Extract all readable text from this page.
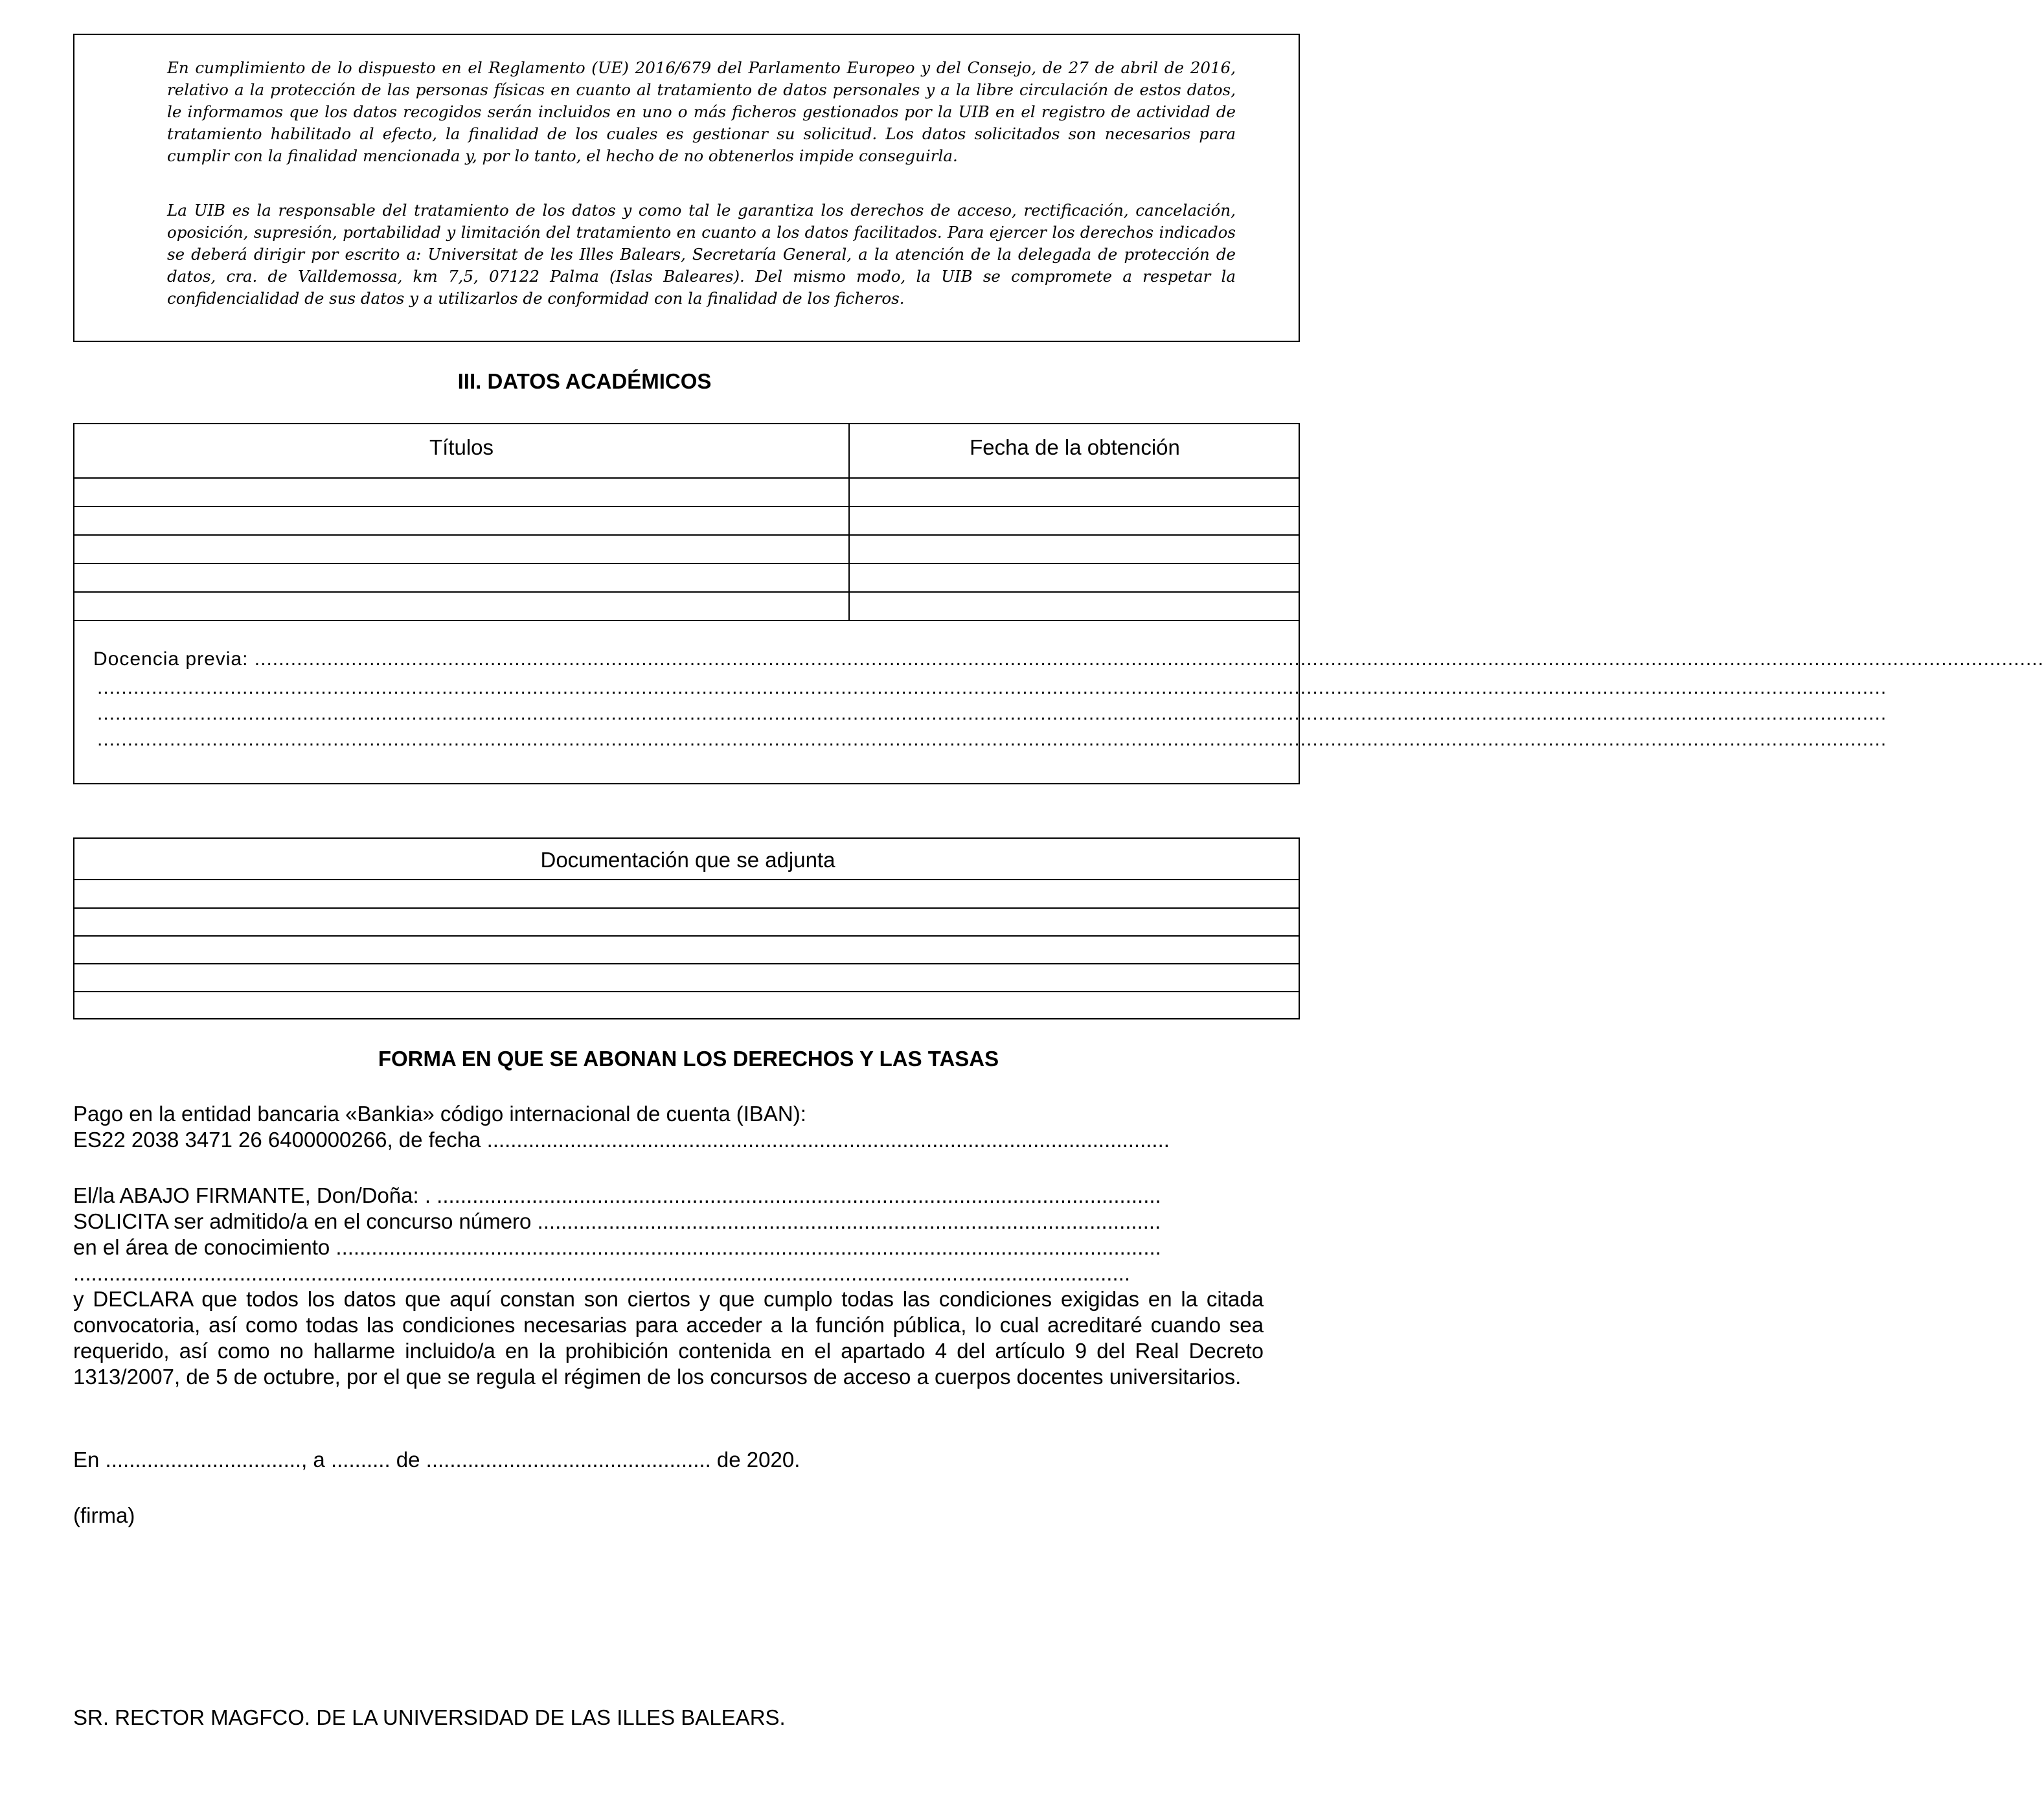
En cumplimiento de lo dispuesto en el Reglamento (UE) 2016/679 del Parlamento Europeo y del Consejo, de 27 de abril de 2016, relativo a la protección de las personas físicas en cuanto al tratamiento de datos personales y a la libre circulación de estos datos, le informamos que los datos recogidos serán incluidos en uno o más ficheros gestionados por la UIB en el registro de actividad de tratamiento habilitado al efecto, la finalidad de los cuales es gestionar su solicitud. Los datos solicitados son necesarios para cumplir con la finalidad mencionada y, por lo tanto, el hecho de no obtenerlos impide conseguirla.
La UIB es la responsable del tratamiento de los datos y como tal le garantiza los derechos de acceso, rectificación, cancelación, oposición, supresión, portabilidad y limitación del tratamiento en cuanto a los datos facilitados. Para ejercer los derechos indicados se deberá dirigir por escrito a: Universitat de les Illes Balears, Secretaría General, a la atención de la delegada de protección de datos, cra. de Valldemossa, km 7,5, 07122 Palma (Islas Baleares). Del mismo modo, la UIB se compromete a respetar la confidencialidad de sus datos y a utilizarlos de conformidad con la finalidad de los ficheros.
III. DATOS ACADÉMICOS
Títulos	Fecha de la obtención
Docencia previa: ........................................................................................................................................................................................................................................................................................................
........................................................................................................................................................................................................................................................................................................
........................................................................................................................................................................................................................................................................................................
........................................................................................................................................................................................................................................................................................................
Documentación que se adjunta
FORMA EN QUE SE ABONAN LOS DERECHOS Y LAS TASAS
Pago en la entidad bancaria «Bankia» código internacional de cuenta (IBAN):
ES22 2038 3471 26 6400000266, de fecha ...................................................................................................................
El/la ABAJO FIRMANTE, Don/Doña: . ..........................................................................................................................
SOLICITA ser admitido/a en el concurso número .........................................................................................................
en el área de conocimiento ...........................................................................................................................................
..................................................................................................................................................................................
y DECLARA que todos los datos que aquí constan son ciertos y que cumplo todas las condiciones exigidas en la citada convocatoria, así como todas las condiciones necesarias para acceder a la función pública, lo cual acreditaré cuando sea requerido, así como no hallarme incluido/a en la prohibición contenida en el apartado 4 del artículo 9 del Real Decreto 1313/2007, de 5 de octubre, por el que se regula el régimen de los concursos de acceso a cuerpos docentes universitarios.
En ................................., a .......... de ................................................ de 2020.
(firma)
SR. RECTOR MAGFCO. DE LA UNIVERSIDAD DE LAS ILLES BALEARS.
